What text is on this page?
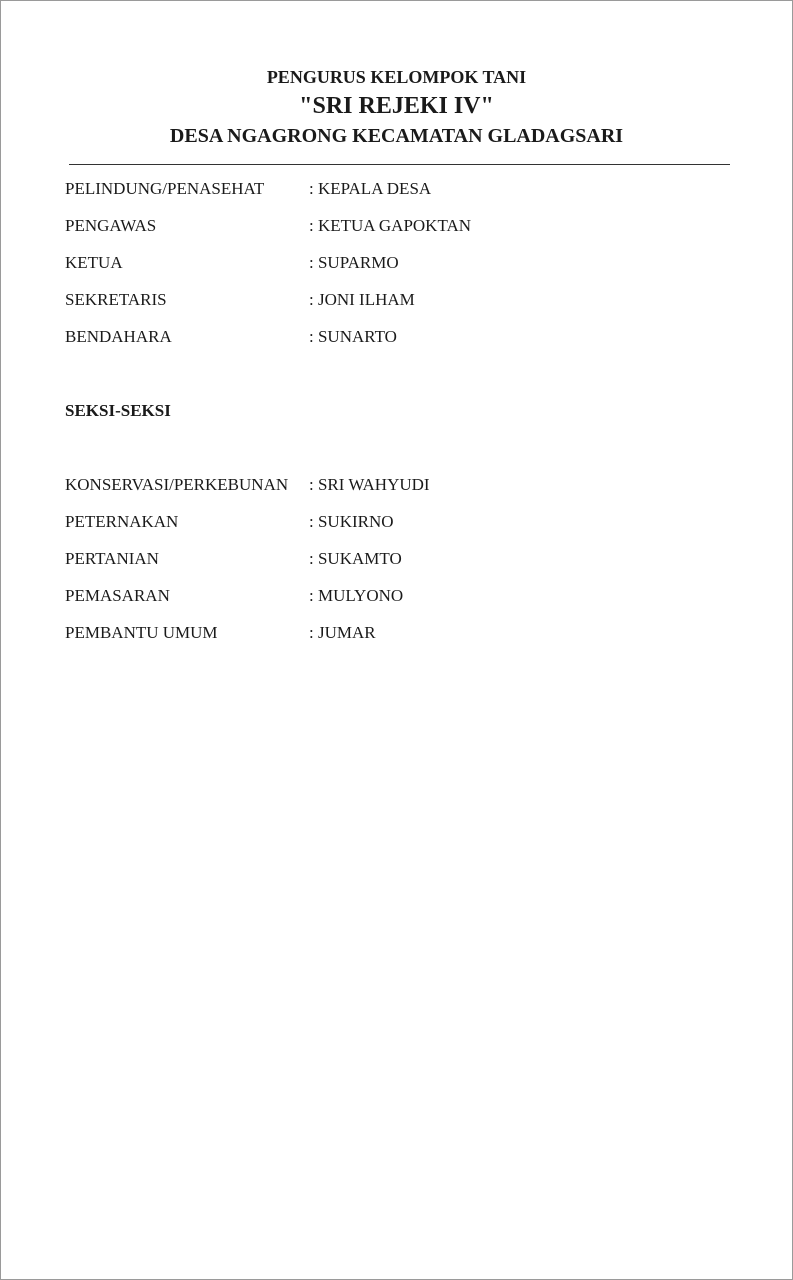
PENGURUS KELOMPOK TANI
"SRI REJEKI IV"
DESA NGAGRONG KECAMATAN GLADAGSARI
PELINDUNG/PENASEHAT	: KEPALA DESA
PENGAWAS	: KETUA GAPOKTAN
KETUA	: SUPARMO
SEKRETARIS	: JONI ILHAM
BENDAHARA	: SUNARTO
SEKSI-SEKSI
KONSERVASI/PERKEBUNAN : SRI WAHYUDI
PETERNAKAN	: SUKIRNO
PERTANIAN	: SUKAMTO
PEMASARAN	: MULYONO
PEMBANTU UMUM	: JUMAR
